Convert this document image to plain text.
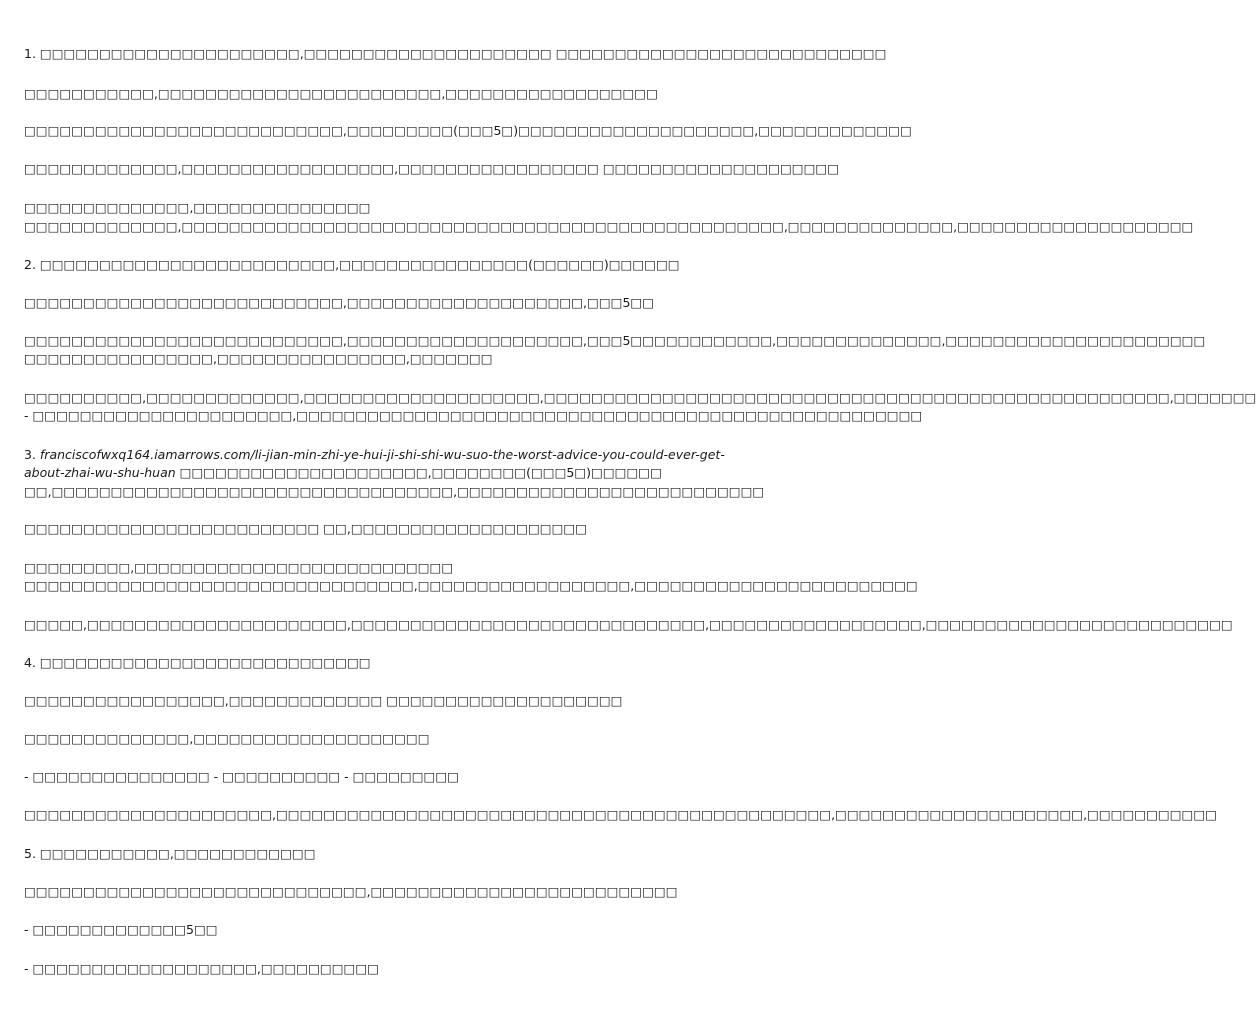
1. □□□□□□□□□□□□□□□□□□□□□□,□□□□□□□□□□□□□□□□□□□□□ □□□□□□□□□□□□□□□□□□□□□□□□□□□□
□□□□□□□□□□□,□□□□□□□□□□□□□□□□□□□□□□□□,□□□□□□□□□□□□□□□□□□
□□□□□□□□□□□□□□□□□□□□□□□□□□□,□□□□□□□□□(□□□5□)□□□□□□□□□□□□□□□□□□□□,□□□□□□□□□□□□□
□□□□□□□□□□□□□,□□□□□□□□□□□□□□□□□□,□□□□□□□□□□□□□□□□□ □□□□□□□□□□□□□□□□□□□□
□□□□□□□□□□□□□□,□□□□□□□□□□□□□□□
□□□□□□□□□□□□□,□□□□□□□□□□□□□□□□□□□□□□□□□□□□□□□□□□□□□□□□□□□□□□□□□□□,□□□□□□□□□□□□□□,□□□□□□□□□□□□□□□□□□□□
2. □□□□□□□□□□□□□□□□□□□□□□□□□,□□□□□□□□□□□□□□□□(□□□□□□)□□□□□□
□□□□□□□□□□□□□□□□□□□□□□□□□□□,□□□□□□□□□□□□□□□□□□□□,□□□5□□
□□□□□□□□□□□□□□□□□□□□□□□□□□□,□□□□□□□□□□□□□□□□□□□□,□□□5□□□□□□□□□□□□,□□□□□□□□□□□□□□,□□□□□□□□□□□□□□□□□□□□□□
□□□□□□□□□□□□□□□□,□□□□□□□□□□□□□□□□,□□□□□□□
□□□□□□□□□□,□□□□□□□□□□□□□,□□□□□□□□□□□□□□□□□□□□,□□□□□□□□□□□□□□□□□□□□□□□□□□□□□□□□□□□□□□□□□□□□□□□□□□□□□,□□□□□□□
- □□□□□□□□□□□□□□□□□□□□□□,□□□□□□□□□□□□□□□□□□□□□□□□□□□□□□□□□□□□□□□□□□□□□□□□□□□□□
3. franciscofwxq164.iamarrows.com/li-jian-min-zhi-ye-hui-ji-shi-shi-wu-suo-the-worst-advice-you-could-ever-get-
about-zhai-wu-shu-huan □□□□□□□□□□□□□□□□□□□□□,□□□□□□□□(□□□5□)□□□□□□
□□,□□□□□□□□□□□□□□□□□□□□□□□□□□□□□□□□□□,□□□□□□□□□□□□□□□□□□□□□□□□□□
□□□□□□□□□□□□□□□□□□□□□□□□□ □□,□□□□□□□□□□□□□□□□□□□□
□□□□□□□□□,□□□□□□□□□□□□□□□□□□□□□□□□□□□
□□□□□□□□□□□□□□□□□□□□□□□□□□□□□□□□□,□□□□□□□□□□□□□□□□□□,□□□□□□□□□□□□□□□□□□□□□□□□
□□□□□,□□□□□□□□□□□□□□□□□□□□□□,□□□□□□□□□□□□□□□□□□□□□□□□□□□□□□,□□□□□□□□□□□□□□□□□□,□□□□□□□□□□□□□□□□□□□□□□□□□□
4. □□□□□□□□□□□□□□□□□□□□□□□□□□□□
□□□□□□□□□□□□□□□□□,□□□□□□□□□□□□□ □□□□□□□□□□□□□□□□□□□□
□□□□□□□□□□□□□□,□□□□□□□□□□□□□□□□□□□□
- □□□□□□□□□□□□□□□ - □□□□□□□□□□ - □□□□□□□□□
□□□□□□□□□□□□□□□□□□□□□,□□□□□□□□□□□□□□□□□□□□□□□□□□□□□□□□□□□□□□□□□□□□□□□,□□□□□□□□□□□□□□□□□□□□□,□□□□□□□□□□□
5. □□□□□□□□□□□,□□□□□□□□□□□□
□□□□□□□□□□□□□□□□□□□□□□□□□□□□□,□□□□□□□□□□□□□□□□□□□□□□□□□□
- □□□□□□□□□□□□□5□□
- □□□□□□□□□□□□□□□□□□□,□□□□□□□□□□
